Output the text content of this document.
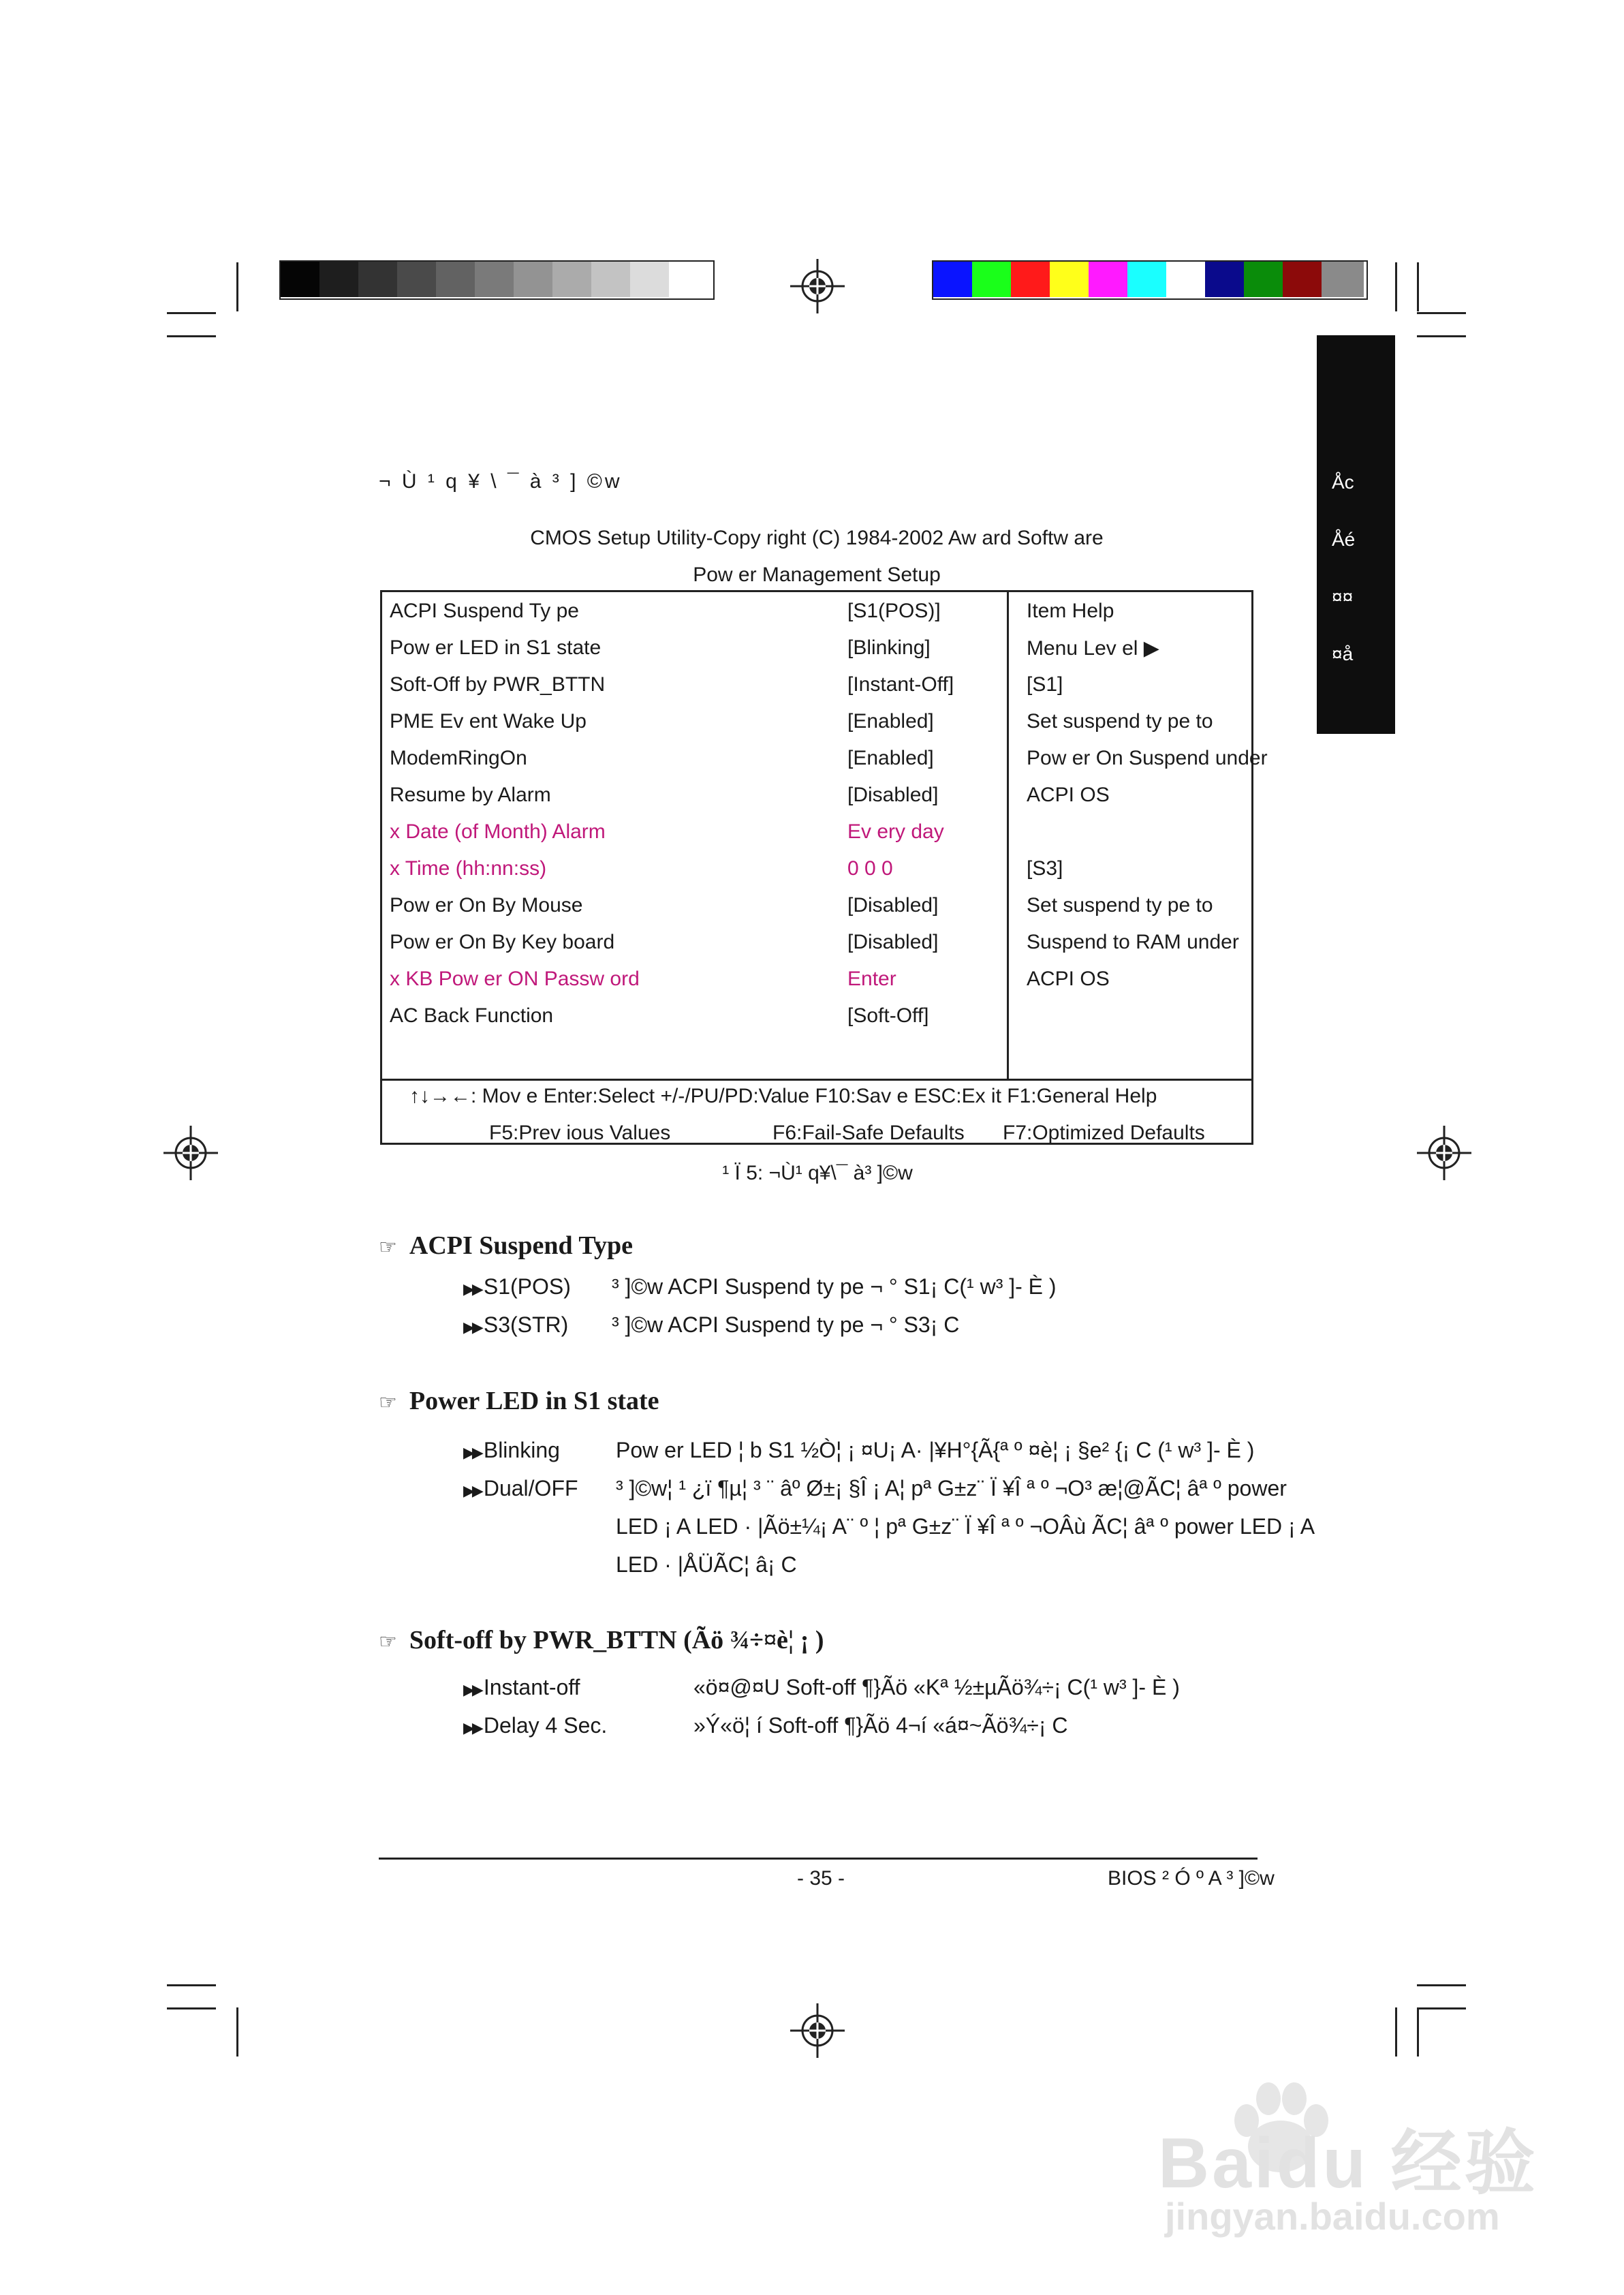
Åc
Åé
¤¤
¤å
¬ Ù ¹ q ¥ \ ¯ à ³ ] ©w
CMOS Setup Utility-Copy right (C) 1984-2002 Aw ard Softw are
Pow er Management Setup
ACPI Suspend Ty pe	[S1(POS)]	Item Help
Pow er LED in S1 state	[Blinking]	Menu Lev el ▶
Soft-Off by PWR_BTTN	[Instant-Off]	[S1]
PME Ev ent Wake Up	[Enabled]	Set suspend ty pe to
ModemRingOn	[Enabled]	Pow er On Suspend under
Resume by Alarm	[Disabled]	ACPI OS
x Date (of Month) Alarm	Ev ery day
x Time (hh:nn:ss)	0 0 0	[S3]
Pow er On By Mouse	[Disabled]	Set suspend ty pe to
Pow er On By Key board	[Disabled]	Suspend to RAM under
x KB Pow er ON Passw ord	Enter	ACPI OS
AC Back Function	[Soft-Off]
↑↓→←: Mov e Enter:Select +/-/PU/PD:Value F10:Sav e ESC:Ex it F1:General Help
F5:Prev ious Values	F6:Fail-Safe Defaults F7:Optimized Defaults
¹ Ï 5: ¬Ù¹ q¥\¯ à³ ]©w
☞ ACPI Suspend Type
▶▶ S1(POS) ³ ]©w ACPI Suspend ty pe ¬ ° S1¡ C(¹ w³ ]- È )
▶▶ S3(STR) ³ ]©w ACPI Suspend ty pe ¬ ° S3¡ C
☞ Power LED in S1 state
▶▶ Blinking	Pow er LED ¦ b S1 ½Ò¦ ¡ ¤U¡ A· |¥H°{Ã{ª º ¤è¦ ¡ §e² {¡ C (¹ w³ ]- È )
▶▶ Dual/OFF ³ ]©w¦ ¹ ¿ï ¶µ¦ ³ ¨ âº Ø±¡ §Î ¡ A¦ pª G±z¨ Ï ¥Î ª º ¬O³ æ¦@ÃC¦ âª º power
LED ¡ A LED · |Ãö±¼¡ A¨ º ¦ pª G±z¨ Ï ¥Î ª º ¬OÂù ÃC¦ âª º power LED ¡ A
LED · |ÅÜÃC¦ â¡ C
☞ Soft-off by PWR_BTTN (Ãö ¾÷¤è¦ ¡ )
▶▶ Instant-off	«ö¤@¤U Soft-off ¶}Ãö «Kª ½±µÃö¾÷¡ C(¹ w³ ]- È )
▶▶ Delay 4 Sec.	»Ý«ö¦ í Soft-off ¶}Ãö 4¬í «á¤~Ãö¾÷¡ C
- 35 -	BIOS ² Ó º A ³ ]©w
Baidu 经验
jingyan.baidu.com
